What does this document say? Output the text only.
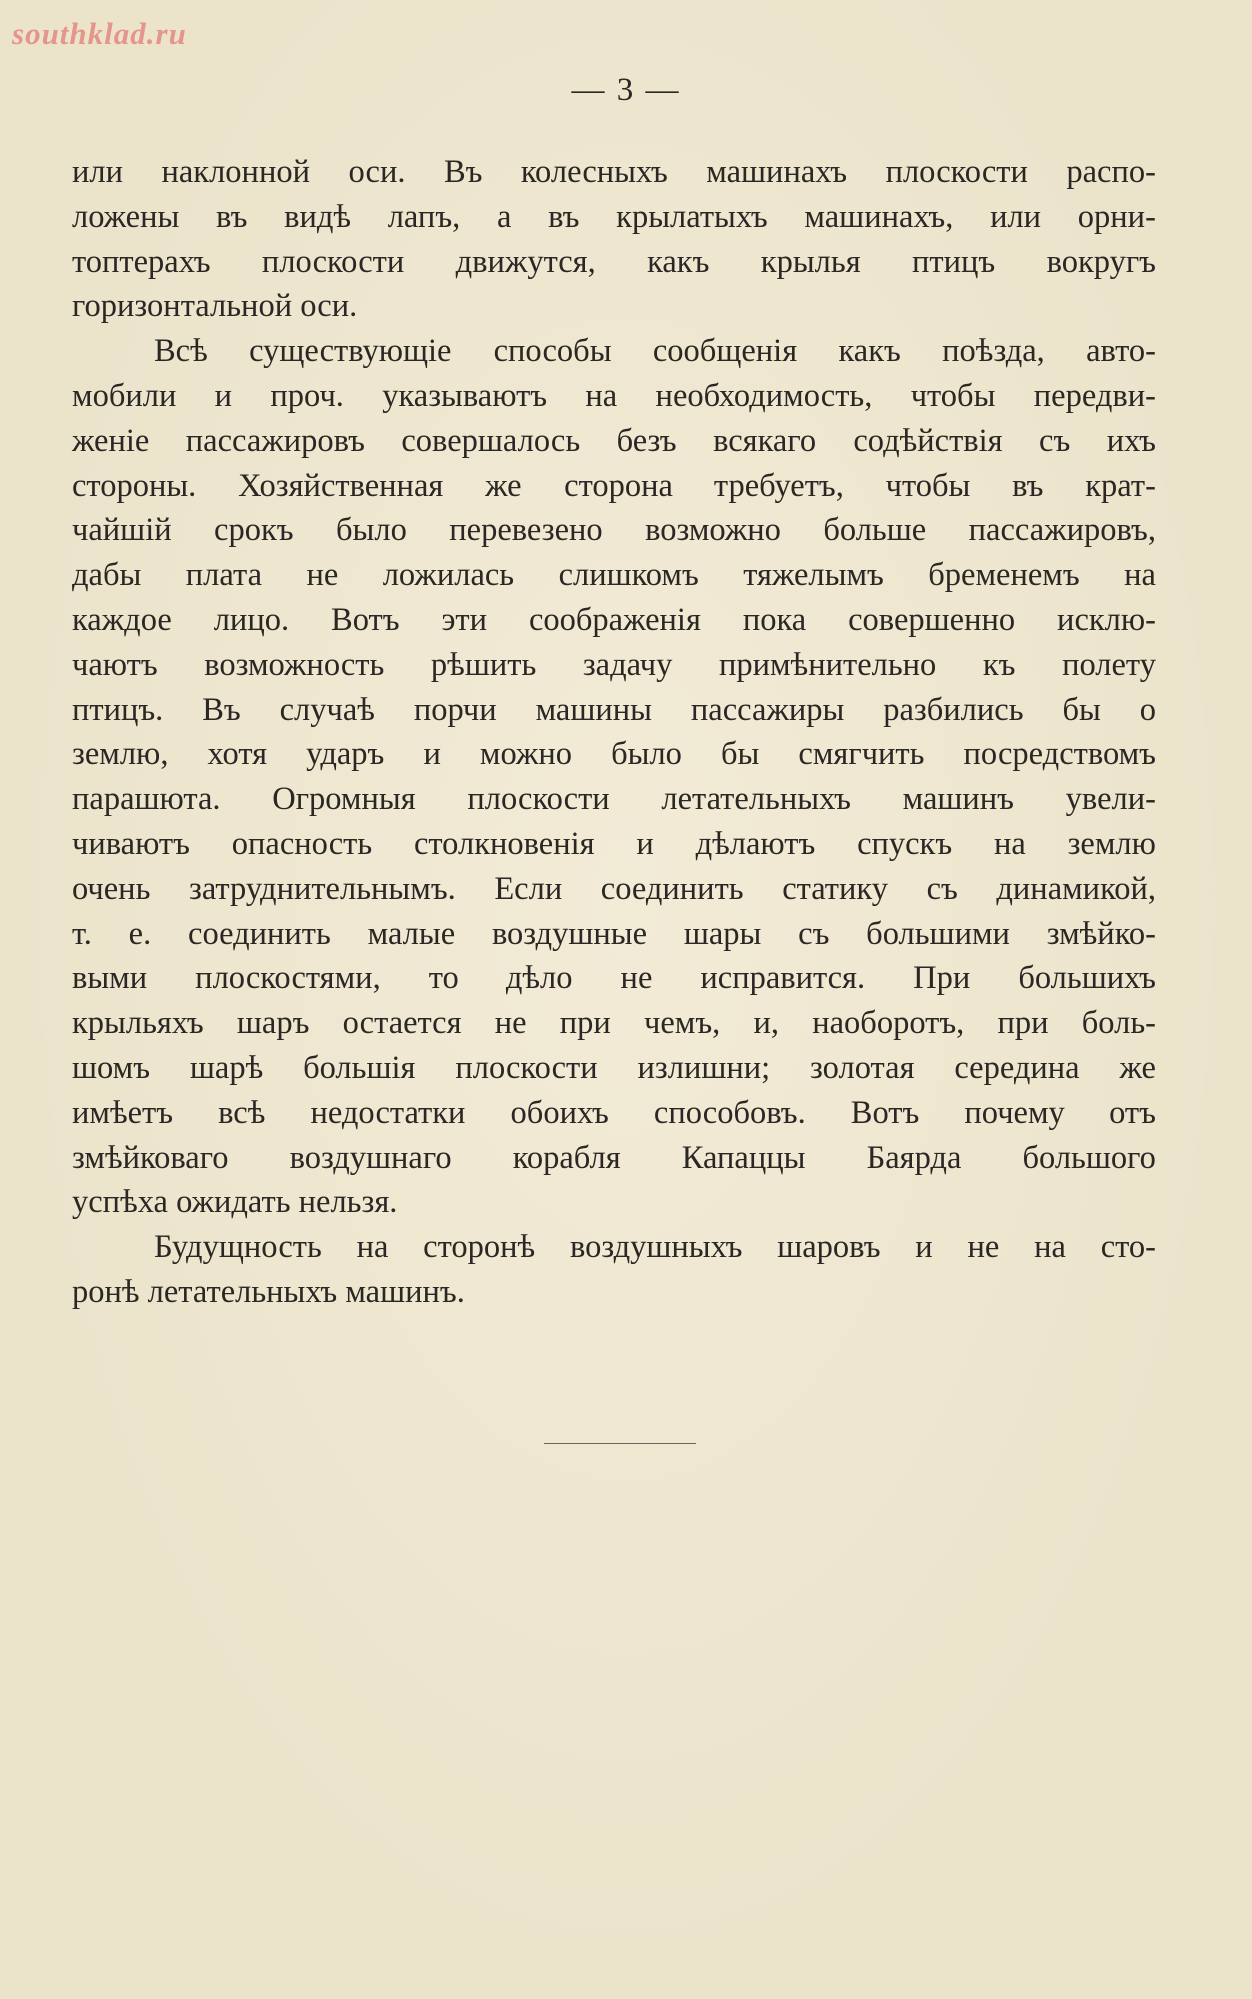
southklad.ru
— 3 —
или наклонной оси. Въ колесныхъ машинахъ плоскости распо-
ложены въ видѣ лапъ, а въ крылатыхъ машинахъ, или орни-
топтерахъ плоскости движутся, какъ крылья птицъ вокругъ
горизонтальной оси.
Всѣ существующіе способы сообщенія какъ поѣзда, авто-
мобили и проч. указываютъ на необходимость, чтобы передви-
женіе пассажировъ совершалось безъ всякаго содѣйствія съ ихъ
стороны. Хозяйственная же сторона требуетъ, чтобы въ крат-
чайшій срокъ было перевезено возможно больше пассажировъ,
дабы плата не ложилась слишкомъ тяжелымъ бременемъ на
каждое лицо. Вотъ эти соображенія пока совершенно исклю-
чаютъ возможность рѣшить задачу примѣнительно къ полету
птицъ. Въ случаѣ порчи машины пассажиры разбились бы о
землю, хотя ударъ и можно было бы смягчить посредствомъ
парашюта. Огромныя плоскости летательныхъ машинъ увели-
чиваютъ опасность столкновенія и дѣлаютъ спускъ на землю
очень затруднительнымъ. Если соединить статику съ динамикой,
т. е. соединить малые воздушные шары съ большими змѣйко-
выми плоскостями, то дѣло не исправится. При большихъ
крыльяхъ шаръ остается не при чемъ, и, наоборотъ, при боль-
шомъ шарѣ большія плоскости излишни; золотая середина же
имѣетъ всѣ недостатки обоихъ способовъ. Вотъ почему отъ
змѣйковаго воздушнаго корабля Капаццы Баярда большого
успѣха ожидать нельзя.
Будущность на сторонѣ воздушныхъ шаровъ и не на сто-
ронѣ летательныхъ машинъ.
